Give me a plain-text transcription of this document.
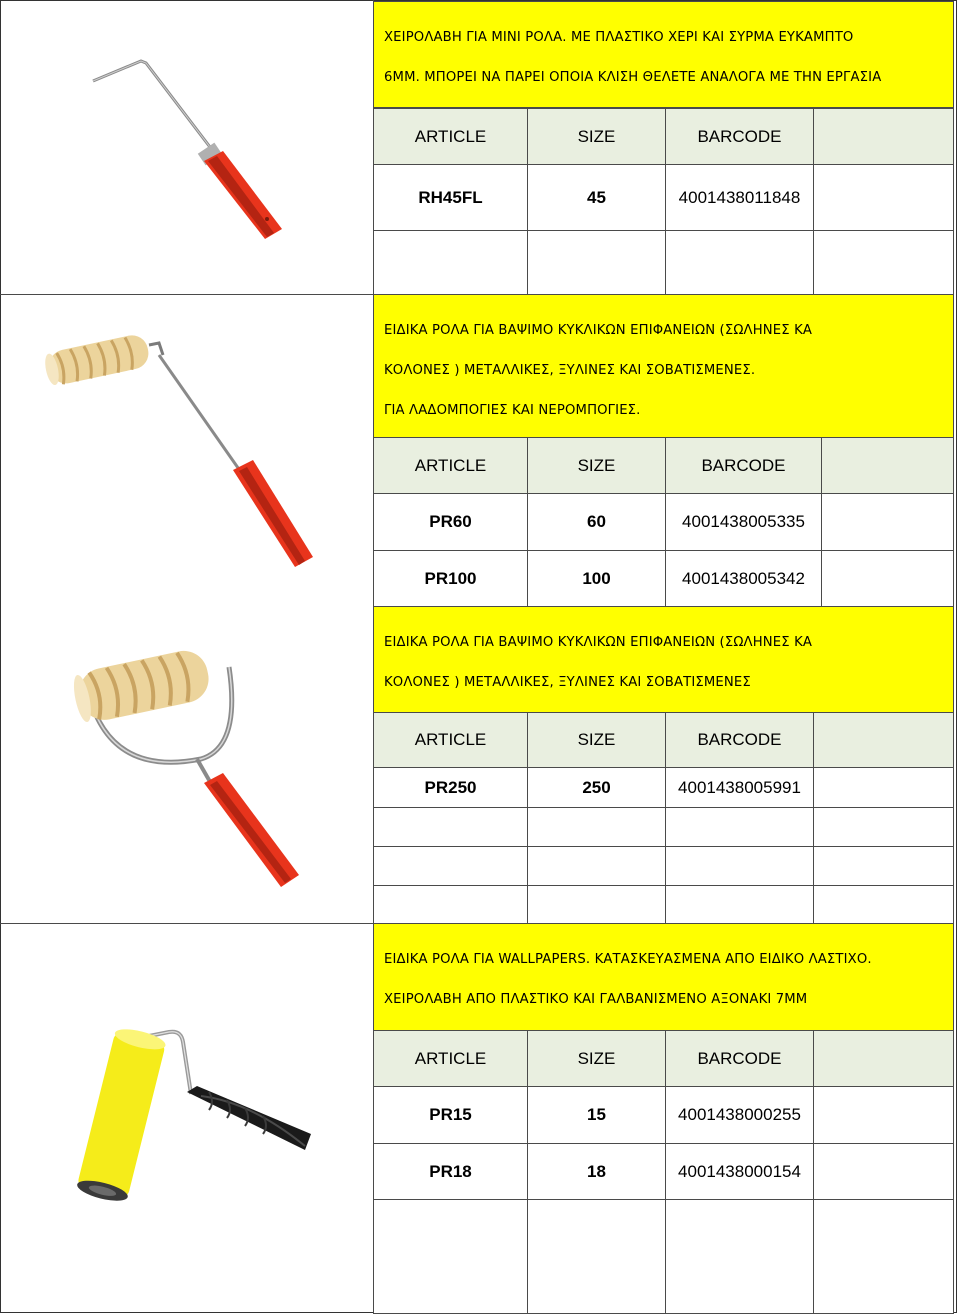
ΧΕΙΡΟΛΑΒΗ ΓΙΑ ΜΙΝΙ ΡΟΛΑ. ΜΕ ΠΛΑΣΤΙΚΟ ΧΕΡΙ ΚΑΙ ΣΥΡΜΑ ΕΥΚΑΜΠΤΟ

6ΜΜ. ΜΠΟΡΕΙ ΝΑ ΠΑΡΕΙ ΟΠΟΙΑ ΚΛΙΣΗ ΘΕΛΕΤΕ ΑΝΑΛΟΓΑ ΜΕ ΤΗΝ ΕΡΓΑΣΙΑ

ARTICLE	SIZE	BARCODE
RH45FL	45	4001438011848

ΕΙΔΙΚΑ ΡΟΛΑ ΓΙΑ ΒΑΨΙΜΟ ΚΥΚΛΙΚΩΝ ΕΠΙΦΑΝΕΙΩΝ (ΣΩΛΗΝΕΣ ΚΑ

ΚΟΛΟΝΕΣ ) ΜΕΤΑΛΛΙΚΕΣ, ΞΥΛΙΝΕΣ ΚΑΙ ΣΟΒΑΤΙΣΜΕΝΕΣ.

ΓΙΑ ΛΑΔΟΜΠΟΓΙΕΣ ΚΑΙ ΝΕΡΟΜΠΟΓΙΕΣ.

ARTICLE	SIZE	BARCODE
PR60	60	4001438005335
PR100	100	4001438005342

ΕΙΔΙΚΑ ΡΟΛΑ ΓΙΑ ΒΑΨΙΜΟ ΚΥΚΛΙΚΩΝ ΕΠΙΦΑΝΕΙΩΝ (ΣΩΛΗΝΕΣ ΚΑ

ΚΟΛΟΝΕΣ ) ΜΕΤΑΛΛΙΚΕΣ, ΞΥΛΙΝΕΣ ΚΑΙ ΣΟΒΑΤΙΣΜΕΝΕΣ

ARTICLE	SIZE	BARCODE
PR250	250	4001438005991

ΕΙΔΙΚΑ ΡΟΛΑ ΓΙΑ WALLPAPERS. ΚΑΤΑΣΚΕΥΑΣΜΕΝΑ ΑΠΟ ΕΙΔΙΚΟ ΛΑΣΤΙΧΟ.

ΧΕΙΡΟΛΑΒΗ ΑΠΟ ΠΛΑΣΤΙΚΟ ΚΑΙ ΓΑΛΒΑΝΙΣΜΕΝΟ ΑΞΟΝΑΚΙ 7ΜΜ

ARTICLE	SIZE	BARCODE
PR15	15	4001438000255
PR18	18	4001438000154
